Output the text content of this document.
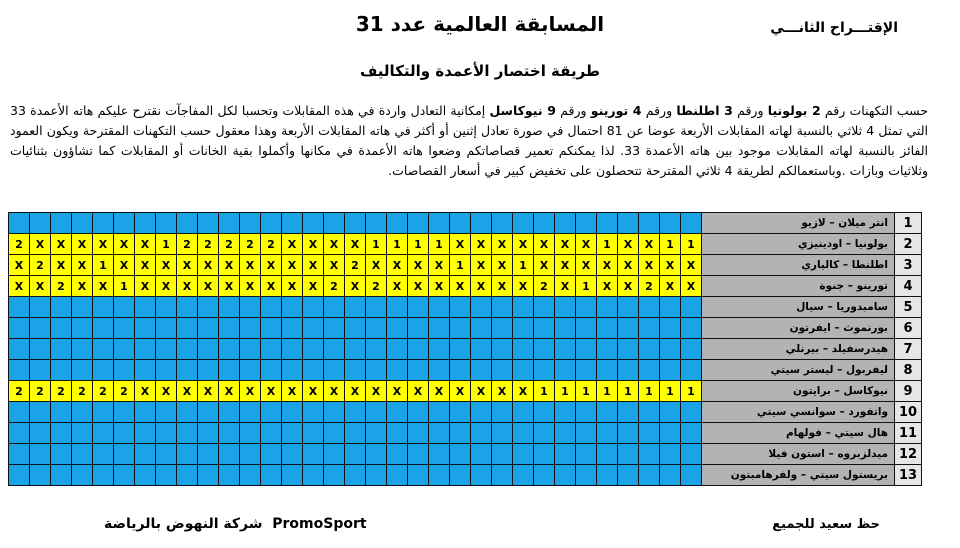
الإقتـــراح الثانـــي
المسابقة العالمية عدد 31
طريقة اختصار الأعمدة والتكاليف
حسب التكهنات رقم 2 بولونيا ورقم 3 اطلنطا ورقم 4 تورينو ورقم 9 نيوكاسل إمكانية التعادل واردة في هذه المقابلات وتحسبا لكل المفاجآت نقترح عليكم هاته الأعمدة 33 التي تمثل 4 ثلاثي بالنسبة لهاته المقابلات الأربعة عوضا عن 81 احتمال في صورة تعادل إثنين أو أكثر في هاته المقابلات الأربعة وهذا معقول حسب التكهنات المقترحة ويكون العمود الفائز بالنسبة لهاته المقابلات موجود بين هاته الأعمدة 33. لذا يمكنكم تعمير قصاصاتكم وضعوا هاته الأعمدة في مكانها وأكملوا بقية الخانات أو المقابلات كما تشاؤون بثنائيات وثلاثيات وبازات .وباستعمالكم لطريقة 4 ثلاثي المقترحة تتحصلون على تخفيض كبير في أسعار القصاصات.
																																	انتر ميلان – لازيو	1
2	X	X	X	X	X	X	1	2	2	2	2	2	X	X	X	X	1	1	1	1	X	X	X	X	X	X	X	1	X	X	1	1	بولونيا – اودينيزي	2
X	2	X	X	1	X	X	X	X	X	X	X	X	X	X	X	2	X	X	X	X	1	X	X	1	X	X	X	X	X	X	X	X	اطلنطا – كالياري	3
X	X	2	X	X	1	X	X	X	X	X	X	X	X	X	2	X	2	X	X	X	X	X	X	X	2	X	1	X	X	2	X	X	تورينو – جنوة	4
																																	سامبدوريا – سيال	5
																																	بورنموث – ايفرتون	6
																																	هيدرسفيلد – بيرنلي	7
																																	ليفربول – ليستر سيتي	8
2	2	2	2	2	2	X	X	X	X	X	X	X	X	X	X	X	X	X	X	X	X	X	X	X	1	1	1	1	1	1	1	1	نيوكاسل – برايتون	9
																																	واتفورد – سوانسي سيتي	10
																																	هال سيتي – فولهام	11
																																	ميدلزبروه – استون فيلا	12
																																	بريستول سيتي – ولفرهامبتون	13
PromoSport  شركة النهوض بالرياضة	حظ سعيد للجميع
